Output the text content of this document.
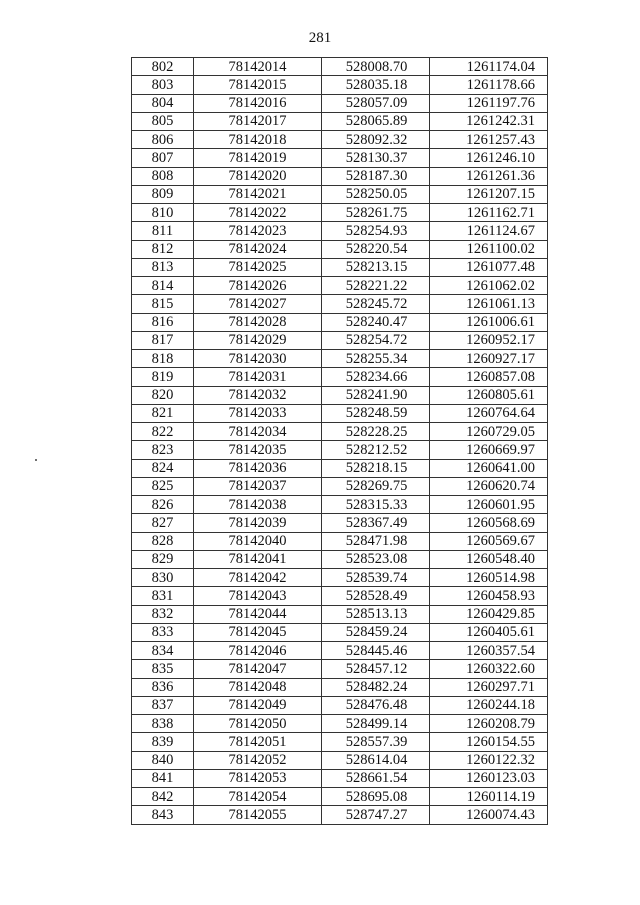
281
802	78142014	528008.70	1261174.04
803	78142015	528035.18	1261178.66
804	78142016	528057.09	1261197.76
805	78142017	528065.89	1261242.31
806	78142018	528092.32	1261257.43
807	78142019	528130.37	1261246.10
808	78142020	528187.30	1261261.36
809	78142021	528250.05	1261207.15
810	78142022	528261.75	1261162.71
811	78142023	528254.93	1261124.67
812	78142024	528220.54	1261100.02
813	78142025	528213.15	1261077.48
814	78142026	528221.22	1261062.02
815	78142027	528245.72	1261061.13
816	78142028	528240.47	1261006.61
817	78142029	528254.72	1260952.17
818	78142030	528255.34	1260927.17
819	78142031	528234.66	1260857.08
820	78142032	528241.90	1260805.61
821	78142033	528248.59	1260764.64
822	78142034	528228.25	1260729.05
823	78142035	528212.52	1260669.97
824	78142036	528218.15	1260641.00
825	78142037	528269.75	1260620.74
826	78142038	528315.33	1260601.95
827	78142039	528367.49	1260568.69
828	78142040	528471.98	1260569.67
829	78142041	528523.08	1260548.40
830	78142042	528539.74	1260514.98
831	78142043	528528.49	1260458.93
832	78142044	528513.13	1260429.85
833	78142045	528459.24	1260405.61
834	78142046	528445.46	1260357.54
835	78142047	528457.12	1260322.60
836	78142048	528482.24	1260297.71
837	78142049	528476.48	1260244.18
838	78142050	528499.14	1260208.79
839	78142051	528557.39	1260154.55
840	78142052	528614.04	1260122.32
841	78142053	528661.54	1260123.03
842	78142054	528695.08	1260114.19
843	78142055	528747.27	1260074.43
